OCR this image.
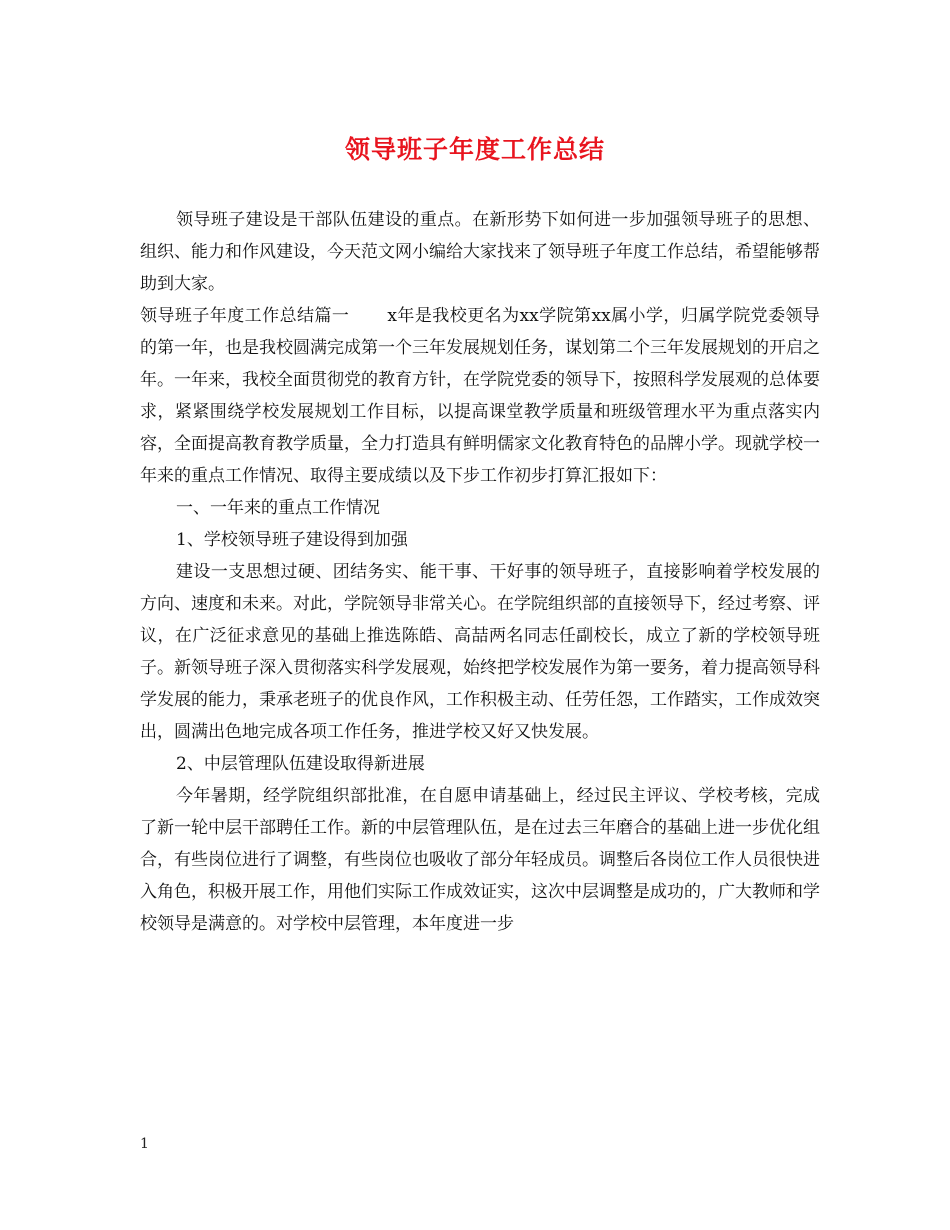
领导班子年度工作总结

领导班子建设是干部队伍建设的重点。在新形势下如何进一步加强领导班子的思想、组织、能力和作风建设，今天范文网小编给大家找来了领导班子年度工作总结，希望能够帮助到大家。

领导班子年度工作总结篇一 x年是我校更名为xx学院第xx属小学，归属学院党委领导的第一年，也是我校圆满完成第一个三年发展规划任务，谋划第二个三年发展规划的开启之年。一年来，我校全面贯彻党的教育方针，在学院党委的领导下，按照科学发展观的总体要求，紧紧围绕学校发展规划工作目标，以提高课堂教学质量和班级管理水平为重点落实内容，全面提高教育教学质量，全力打造具有鲜明儒家文化教育特色的品牌小学。现就学校一年来的重点工作情况、取得主要成绩以及下步工作初步打算汇报如下：

一、一年来的重点工作情况

1、学校领导班子建设得到加强

建设一支思想过硬、团结务实、能干事、干好事的领导班子，直接影响着学校发展的方向、速度和未来。对此，学院领导非常关心。在学院组织部的直接领导下，经过考察、评议，在广泛征求意见的基础上推选陈皓、高喆两名同志任副校长，成立了新的学校领导班子。新领导班子深入贯彻落实科学发展观，始终把学校发展作为第一要务，着力提高领导科学发展的能力，秉承老班子的优良作风，工作积极主动、任劳任怨，工作踏实，工作成效突出，圆满出色地完成各项工作任务，推进学校又好又快发展。

2、中层管理队伍建设取得新进展

今年暑期，经学院组织部批准，在自愿申请基础上，经过民主评议、学校考核，完成了新一轮中层干部聘任工作。新的中层管理队伍，是在过去三年磨合的基础上进一步优化组合，有些岗位进行了调整，有些岗位也吸收了部分年轻成员。调整后各岗位工作人员很快进入角色，积极开展工作，用他们实际工作成效证实，这次中层调整是成功的，广大教师和学校领导是满意的。对学校中层管理，本年度进一步

1
